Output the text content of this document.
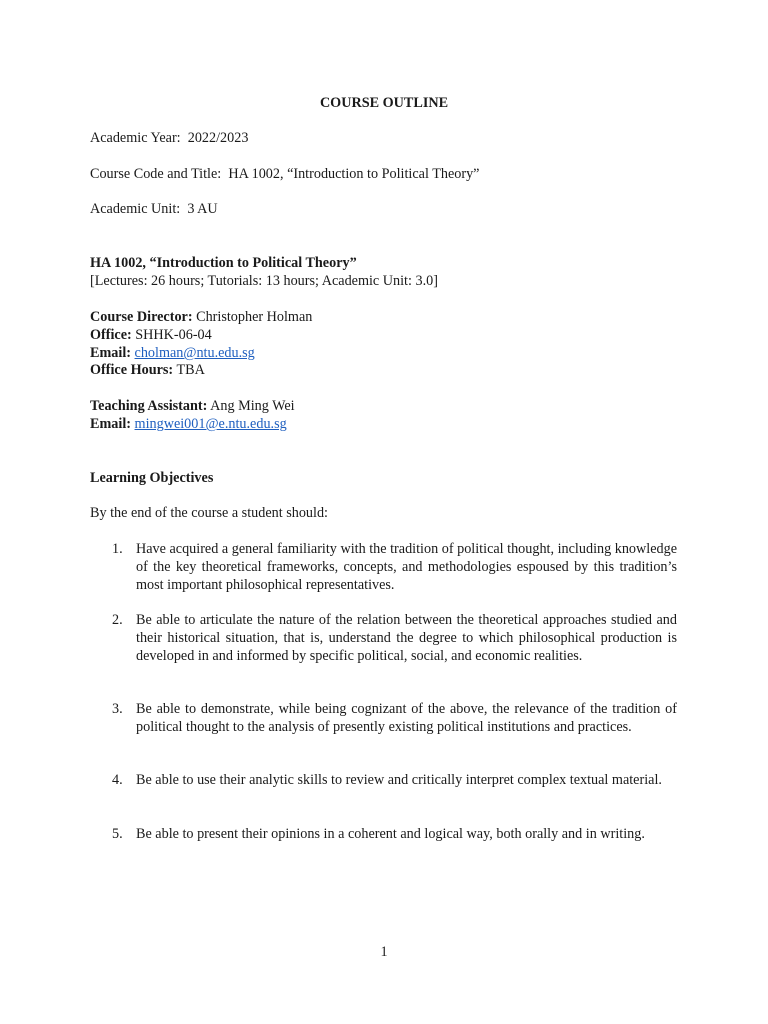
COURSE OUTLINE
Academic Year: 2022/2023
Course Code and Title: HA 1002, “Introduction to Political Theory”
Academic Unit: 3 AU
HA 1002, “Introduction to Political Theory”
[Lectures: 26 hours; Tutorials: 13 hours; Academic Unit: 3.0]
Course Director: Christopher Holman
Office: SHHK-06-04
Email: cholman@ntu.edu.sg
Office Hours: TBA
Teaching Assistant: Ang Ming Wei
Email: mingwei001@e.ntu.edu.sg
Learning Objectives
By the end of the course a student should:
1. Have acquired a general familiarity with the tradition of political thought, including knowledge of the key theoretical frameworks, concepts, and methodologies espoused by this tradition’s most important philosophical representatives.
2. Be able to articulate the nature of the relation between the theoretical approaches studied and their historical situation, that is, understand the degree to which philosophical production is developed in and informed by specific political, social, and economic realities.
3. Be able to demonstrate, while being cognizant of the above, the relevance of the tradition of political thought to the analysis of presently existing political institutions and practices.
4. Be able to use their analytic skills to review and critically interpret complex textual material.
5. Be able to present their opinions in a coherent and logical way, both orally and in writing.
1
